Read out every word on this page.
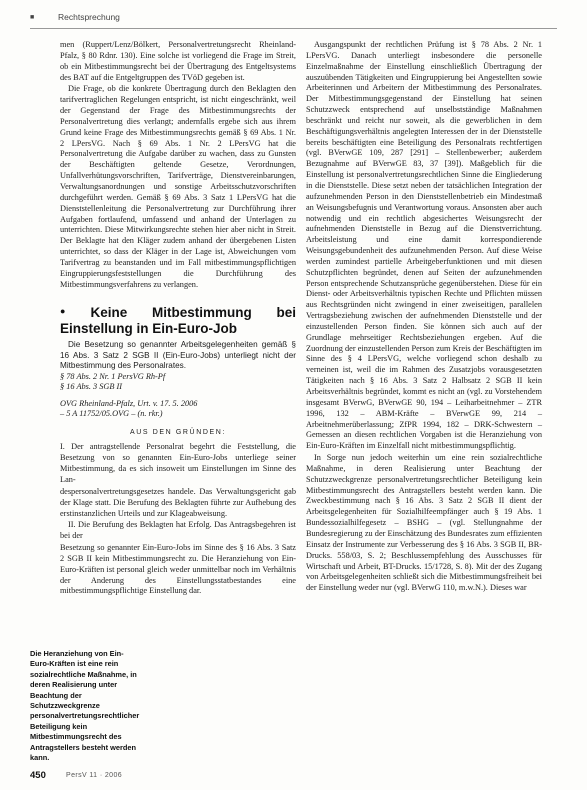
■	Rechtsprechung

men (Ruppert/Lenz/Bölkert, Personalvertretungsrecht Rheinland-Pfalz, § 80 Rdnr. 130). Eine solche ist vorliegend die Frage im Streit, ob ein Mitbestimmungsrecht bei der Übertragung des Entgeltsystems des BAT auf die Entgeltgruppen des TVöD gegeben ist.

Die Frage, ob die konkrete Übertragung durch den Beklagten den tarifvertraglichen Regelungen entspricht, ist nicht eingeschränkt, weil der Gegenstand der Frage des Mitbestimmungsrechts der Personalvertretung dies verlangt; andernfalls ergebe sich aus ihrem Grund keine Frage des Mitbestimmungsrechts gemäß § 69 Abs. 1 Nr. 2 LPersVG. Nach § 69 Abs. 1 Nr. 2 LPersVG hat die Personalvertretung die Aufgabe darüber zu wachen, dass zu Gunsten der Beschäftigten geltende Gesetze, Verordnungen, Unfallverhütungsvorschriften, Tarifverträge, Dienstvereinbarungen, Verwaltungsanordnungen und sonstige Arbeitsschutzvorschriften durchgeführt werden. Gemäß § 69 Abs. 3 Satz 1 LPersVG hat die Dienststellenleitung die Personalvertretung zur Durchführung ihrer Aufgaben fortlaufend, umfassend und anhand der Unterlagen zu unterrichten. Diese Mitwirkungsrechte stehen hier aber nicht in Streit. Der Beklagte hat den Kläger zudem anhand der übergebenen Listen unterrichtet, so dass der Kläger in der Lage ist, Abweichungen vom Tarifvertrag zu beanstanden und im Fall mitbestimmungspflichtigen Eingruppierungsfeststellungen die Durchführung des Mitbestimmungsverfahrens zu verlangen.

● Keine Mitbestimmung bei Einstellung in Ein-Euro-Job

Die Besetzung so genannter Arbeitsgelegenheiten gemäß § 16 Abs. 3 Satz 2 SGB II (Ein-Euro-Jobs) unterliegt nicht der Mitbestimmung des Personalrates.

§ 78 Abs. 2 Nr. 1 PersVG Rh-Pf
§ 16 Abs. 3 SGB II
OVG Rheinland-Pfalz, Urt. v. 17. 5. 2006
– 5 A 11752/05.OVG – (n. rkr.)
AUS DEN GRÜNDEN:

I. Der antragstellende Personalrat begehrt die Feststellung, die Besetzung von so genannten Ein-Euro-Jobs unterliege seiner Mitbestimmung, da es sich insoweit um Einstellungen im Sinne des Lan-

despersonalvertretungsgesetzes handele. Das Verwaltungsgericht gab der Klage statt. Die Berufung des Beklagten führte zur Aufhebung des erstinstanzlichen Urteils und zur Klageabweisung.

II. Die Berufung des Beklagten hat Erfolg. Das Antragsbegehren ist bei der

Besetzung so genannter Ein-Euro-Jobs im Sinne des § 16 Abs. 3 Satz 2 SGB II kein Mitbestimmungsrecht zu. Die Heranziehung von Ein-Euro-Kräften ist personal gleich weder unmittelbar noch im Verhältnis der Anderung des Einstellungsstatbestandes eine mitbestimmungspflichtige Einstellung dar.

Die Heranziehung von Ein-Euro-Kräften ist eine rein sozialrechtliche Maßnahme, in deren Realisierung unter Beachtung der Schutzzweckgrenze personalvertretungsrechtlicher Beteiligung kein Mitbestimmungsrecht des Antragstellers besteht werden kann.

Ausgangspunkt der rechtlichen Prüfung ist § 78 Abs. 2 Nr. 1 LPersVG. Danach unterliegt insbesondere die personelle Einzelmaßnahme der Einstellung einschließlich Übertragung der auszuübenden Tätigkeiten und Eingruppierung bei Angestellten sowie Arbeiterinnen und Arbeitern der Mitbestimmung des Personalrates. Der Mitbestimmungsgegenstand der Einstellung hat seinen Schutzzweck entsprechend auf unselbstständige Maßnahmen beschränkt und reicht nur soweit, als die gewerblichen in dem Beschäftigungsverhältnis angelegten Interessen der in der Dienststelle bereits beschäftigten eine Beteiligung des Personalrats rechtfertigen (vgl. BVerwGE 109, 287 [291] – Stellenbewerber; außerdem Bezugnahme auf BVerwGE 83, 37 [39]). Maßgeblich für die Einstellung ist personalvertretungsrechtlichen Sinne die Eingliederung in die Dienststelle. Diese setzt neben der tatsächlichen Integration der aufzunehmenden Person in den Dienststellenbetrieb ein Mindestmaß an Weisungsbefugnis und Verantwortung voraus. Ansonsten aber auch notwendig und ein rechtlich abgesichertes Weisungsrecht der aufnehmenden Dienststelle in Bezug auf die Dienstverrichtung. Arbeitsleistung und eine damit korrespondierende Weisungsgebundenheit des aufzunehmenden Person. Auf diese Weise werden zumindest partielle Arbeitgeberfunktionen und mit diesen Schutzpflichten begründet, denen auf Seiten der aufzunehmenden Person entsprechende Schutzansprüche gegenüberstehen. Diese für ein Dienst- oder Arbeitsverhältnis typischen Rechte und Pflichten müssen aus Rechtsgründen nicht zwingend in einer zweiseitigen, parallelen Vertragsbeziehung zwischen der aufnehmenden Dienststelle und der einzustellenden Person finden. Sie können sich auch auf der Grundlage mehrseitiger Rechtsbeziehungen ergeben. Auf die Zuordnung der einzustellenden Person zum Kreis der Beschäftigten im Sinne des § 4 LPersVG, welche vorliegend schon deshalb zu verneinen ist, weil die im Rahmen des Zusatzjobs vorausgesetzten Tätigkeiten nach § 16 Abs. 3 Satz 2 Halbsatz 2 SGB II kein Arbeitsverhältnis begründet, kommt es nicht an (vgl. zu Vorstehendem insgesamt BVerwG, BVerwGE 90, 194 – Leiharbeitnehmer – ZTR 1996, 132 – ABM-Kräfte – BVerwGE 99, 214 – Arbeitnehmerüberlassung; ZfPR 1994, 182 – DRK-Schwestern – Gemessen an diesen rechtlichen Vorgaben ist die Heranziehung von Ein-Euro-Kräften im Einzelfall nicht mitbestimmungspflichtig.

In Sorge nun jedoch weiterhin um eine rein sozialrechtliche Maßnahme, in deren Realisierung unter Beachtung der Schutzzweckgrenze personalvertretungsrechtlicher Beteiligung kein Mitbestimmungsrecht des Antragstellers besteht werden kann. Die Zweckbestimmung nach § 16 Abs. 3 Satz 2 SGB II dient der Arbeitsgelegenheiten für Sozialhilfeempfänger auch § 19 Abs. 1 Bundessozialhilfegesetz – BSHG – (vgl. Stellungnahme der Bundesregierung zu der Einschätzung des Bundesrates zum effizienten Einsatz der Instrumente zur Verbesserung des § 16 Abs. 3 SGB II, BR-Drucks. 558/03, S. 2; Beschlussempfehlung des Ausschusses für Wirtschaft und Arbeit, BT-Drucks. 15/1728, S. 8). Mit der des Zugang von Arbeitsgelegenheiten schließt sich die Mitbestimmungsfreiheit bei der Einstellung weder nur (vgl. BVerwG 110, m.w.N.). Dieses war

450	PersV 11 · 2006
